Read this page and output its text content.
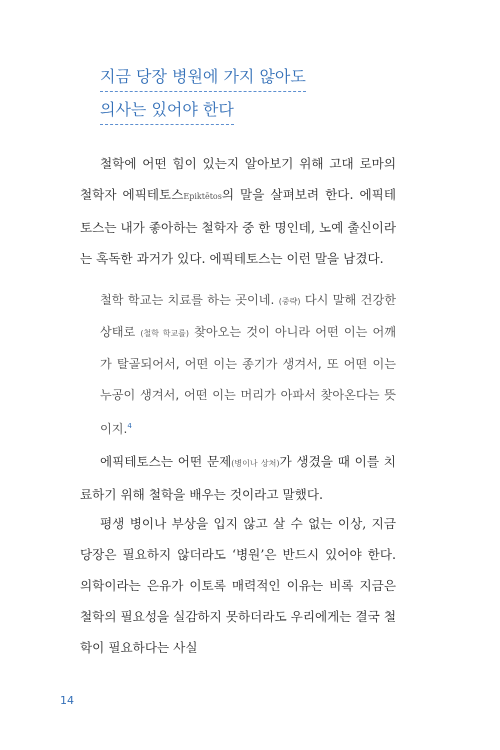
지금 당장 병원에 가지 않아도
의사는 있어야 한다

철학에 어떤 힘이 있는지 알아보기 위해 고대 로마의 철학자 에픽테토스Epiktētos의 말을 살펴보려 한다. 에픽테토스는 내가 좋아하는 철학자 중 한 명인데, 노예 출신이라는 혹독한 과거가 있다. 에픽테토스는 이런 말을 남겼다.

철학 학교는 치료를 하는 곳이네. (중략) 다시 말해 건강한 상태로 (철학 학교를) 찾아오는 것이 아니라 어떤 이는 어깨가 탈골되어서, 어떤 이는 종기가 생겨서, 또 어떤 이는 누공이 생겨서, 어떤 이는 머리가 아파서 찾아온다는 뜻이지.$^4$

에픽테토스는 어떤 문제(병이나 상처)가 생겼을 때 이를 치료하기 위해 철학을 배우는 것이라고 말했다.

평생 병이나 부상을 입지 않고 살 수 없는 이상, 지금 당장은 필요하지 않더라도 ‘병원’은 반드시 있어야 한다. 의학이라는 은유가 이토록 매력적인 이유는 비록 지금은 철학의 필요성을 실감하지 못하더라도 우리에게는 결국 철학이 필요하다는 사실

14
